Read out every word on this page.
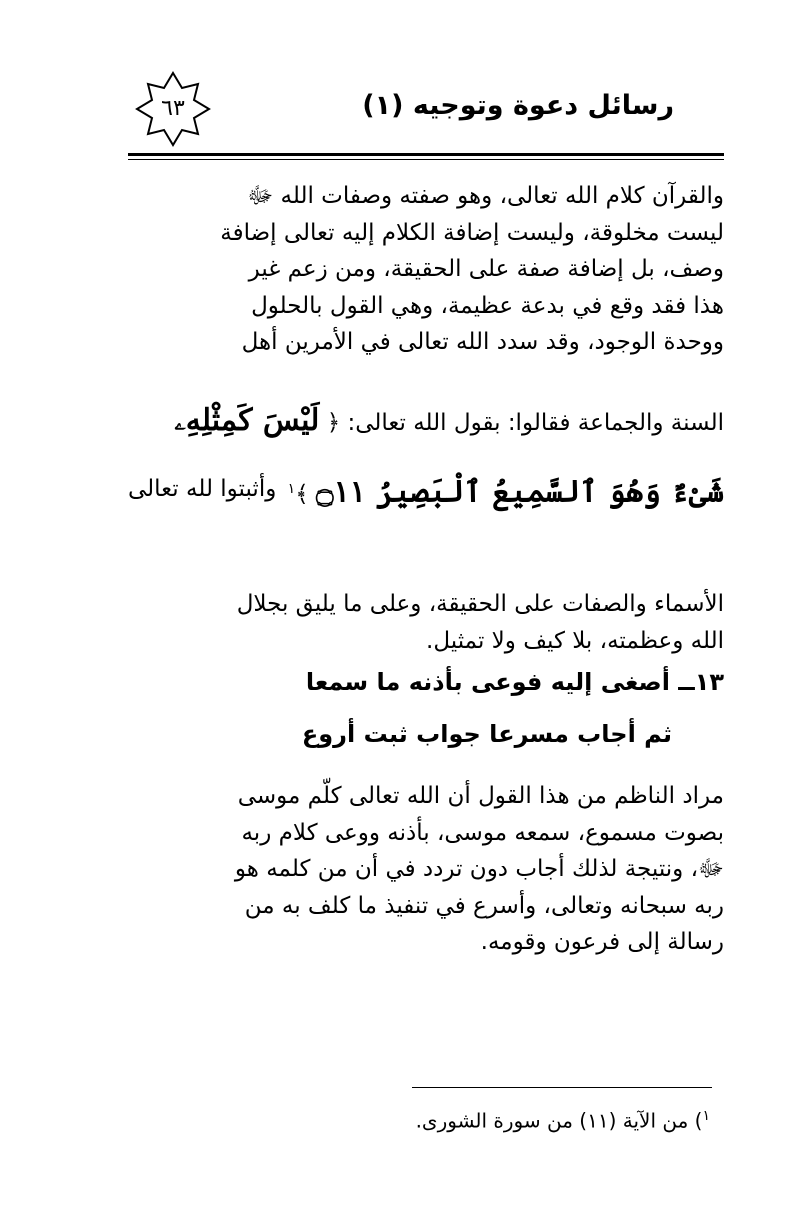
رسائل دعوة وتوجيه (١)
٦٣
والقرآن كلام الله تعالى، وهو صفته وصفات الله ﷻ
ليست مخلوقة، وليست إضافة الكلام إليه تعالى إضافة
وصف، بل إضافة صفة على الحقيقة، ومن زعم غير
هذا فقد وقع في بدعة عظيمة، وهي القول بالحلول
ووحدة الوجود، وقد سدد الله تعالى في الأمرين أهل
السنة والجماعة فقالوا: بقول الله تعالى: ﴿ لَيْسَ كَمِثْلِهِۦ
شَىْءٌ وَهُوَ ٱلسَّمِيعُ ٱلْبَصِيرُ ۝١١ ﴾$^١$
وأثبتوا لله تعالى
الأسماء والصفات على الحقيقة، وعلى ما يليق بجلال
الله وعظمته، بلا كيف ولا تمثيل.
١٣ــ أصغى إليه فوعى بأذنه ما سمعا
ثم أجاب مسرعا جواب ثبت أروع
مراد الناظم من هذا القول أن الله تعالى كلّم موسى
بصوت مسموع، سمعه موسى، بأذنه ووعى كلام ربه
ﷻ، ونتيجة لذلك أجاب دون تردد في أن من كلمه هو
ربه سبحانه وتعالى، وأسرع في تنفيذ ما كلف به من
رسالة إلى فرعون وقومه.
$^١$) من الآية (١١) من سورة الشورى.
